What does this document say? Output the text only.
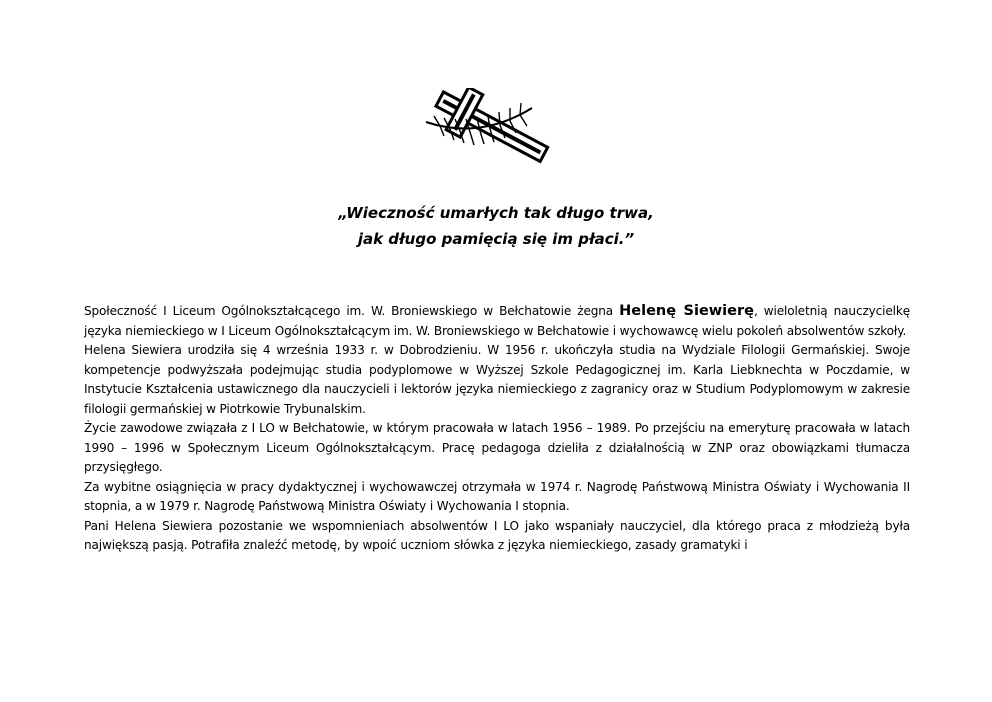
„Wieczność umarłych tak długo trwa,
jak długo pamięcią się im płaci.”

Społeczność I Liceum Ogólnokształcącego im. W. Broniewskiego w Bełchatowie żegna Helenę Siewierę, wieloletnią nauczycielkę języka niemieckiego w I Liceum Ogólnokształcącym im. W. Broniewskiego w Bełchatowie i wychowawcę wielu pokoleń absolwentów szkoły.

Helena Siewiera urodziła się 4 września 1933 r. w Dobrodzieniu. W 1956 r. ukończyła studia na Wydziale Filologii Germańskiej. Swoje kompetencje podwyższała podejmując studia podyplomowe w Wyższej Szkole Pedagogicznej im. Karla Liebknechta w Poczdamie, w Instytucie Kształcenia ustawicznego dla nauczycieli i lektorów języka niemieckiego z zagranicy oraz w Studium Podyplomowym w zakresie filologii germańskiej w Piotrkowie Trybunalskim.

Życie zawodowe związała z I LO w Bełchatowie, w którym pracowała w latach 1956 – 1989. Po przejściu na emeryturę pracowała w latach 1990 – 1996 w Społecznym Liceum Ogólnokształcącym. Pracę pedagoga dzieliła z działalnością w ZNP oraz obowiązkami tłumacza przysięgłego.

Za wybitne osiągnięcia w pracy dydaktycznej i wychowawczej otrzymała w 1974 r. Nagrodę Państwową Ministra Oświaty i Wychowania II stopnia, a w 1979 r. Nagrodę Państwową Ministra Oświaty i Wychowania I stopnia.

Pani Helena Siewiera pozostanie we wspomnieniach absolwentów I LO jako wspaniały nauczyciel, dla którego praca z młodzieżą była największą pasją. Potrafiła znaleźć metodę, by wpoić uczniom słówka z języka niemieckiego, zasady gramatyki i
